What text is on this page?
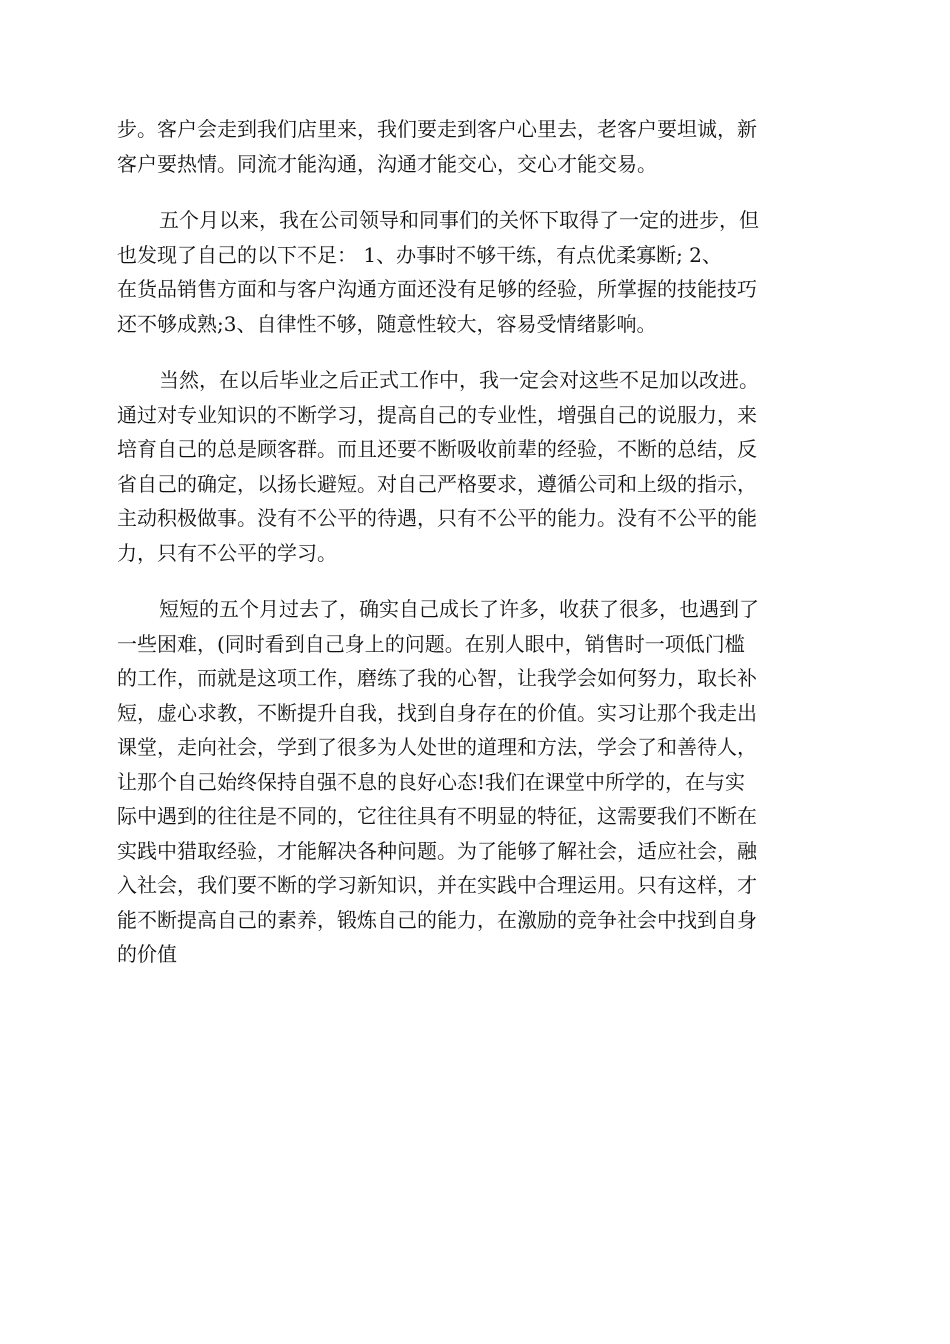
步。客户会走到我们店里来，我们要走到客户心里去，老客户要坦诚，新
客户要热情。同流才能沟通，沟通才能交心，交心才能交易。

五个月以来，我在公司领导和同事们的关怀下取得了一定的进步，但
也发现了自己的以下不足： 1、办事时不够干练，有点优柔寡断; 2、
在货品销售方面和与客户沟通方面还没有足够的经验，所掌握的技能技巧
还不够成熟;3、自律性不够，随意性较大，容易受情绪影响。

当然，在以后毕业之后正式工作中，我一定会对这些不足加以改进。
通过对专业知识的不断学习，提高自己的专业性，增强自己的说服力，来
培育自己的总是顾客群。而且还要不断吸收前辈的经验，不断的总结，反
省自己的确定，以扬长避短。对自己严格要求，遵循公司和上级的指示，
主动积极做事。没有不公平的待遇，只有不公平的能力。没有不公平的能
力，只有不公平的学习。

短短的五个月过去了，确实自己成长了许多，收获了很多，也遇到了
一些困难，(同时看到自己身上的问题。在别人眼中，销售时一项低门槛
的工作，而就是这项工作，磨练了我的心智，让我学会如何努力，取长补
短，虚心求教，不断提升自我，找到自身存在的价值。实习让那个我走出
课堂，走向社会，学到了很多为人处世的道理和方法，学会了和善待人，
让那个自己始终保持自强不息的良好心态!我们在课堂中所学的，在与实
际中遇到的往往是不同的，它往往具有不明显的特征，这需要我们不断在
实践中猎取经验，才能解决各种问题。为了能够了解社会，适应社会，融
入社会，我们要不断的学习新知识，并在实践中合理运用。只有这样，才
能不断提高自己的素养，锻炼自己的能力，在激励的竞争社会中找到自身
的价值
